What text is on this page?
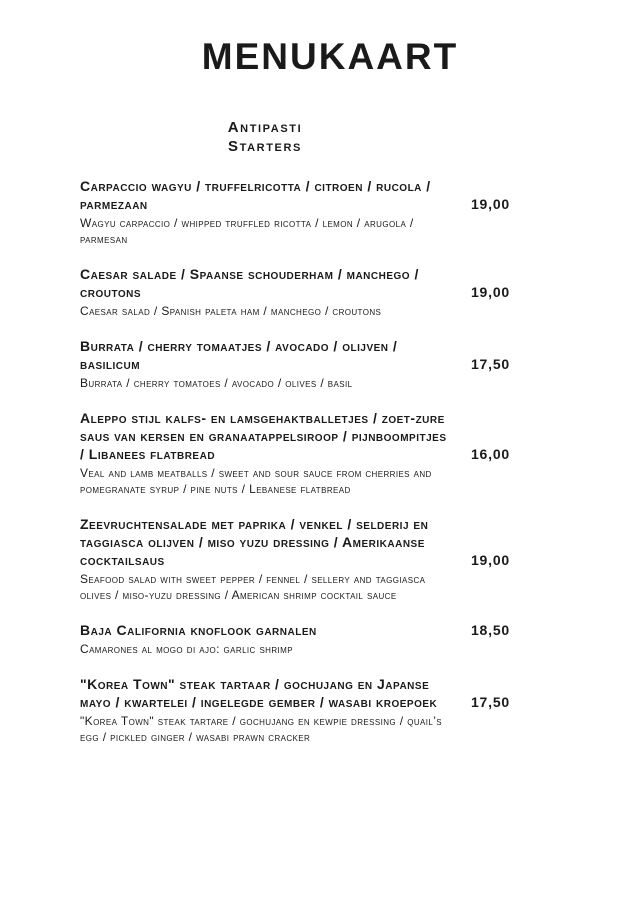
MENUKAART
Antipasti
Starters
Carpaccio wagyu / truffelricotta / citroen / rucola / parmezaan	19,00
Wagyu carpaccio / whipped truffled ricotta / lemon / arugola / parmesan
Caesar salade / Spaanse schouderham / manchego / croutons	19,00
Caesar salad / Spanish paleta ham / manchego / croutons
Burrata / cherry tomaatjes / avocado / olijven / basilicum	17,50
Burrata / cherry tomatoes / avocado / olives / basil
Aleppo stijl kalfs- en lamsgehaktballetjes / zoet-zure saus van kersen en granaatappelsiroop / pijnboompitjes / Libanees flatbread	16,00
Veal and lamb meatballs / sweet and sour sauce from cherries and pomegranate syrup / pine nuts / Lebanese flatbread
Zeevruchtensalade met paprika / venkel / selderij en taggiasca olijven / miso yuzu dressing / Amerikaanse cocktailsaus	19,00
Seafood salad with sweet pepper / fennel / sellery and taggiasca olives / miso-yuzu dressing / American shrimp cocktail sauce
Baja California knoflook garnalen	18,50
Camarones al mogo di ajo: garlic shrimp
"Korea Town" steak tartaar / gochujang en Japanse mayo / kwartelei / ingelegde gember / wasabi kroepoek	17,50
"Korea Town" steak tartare / gochujang en kewpie dressing / quail’s egg / pickled ginger / wasabi prawn cracker
